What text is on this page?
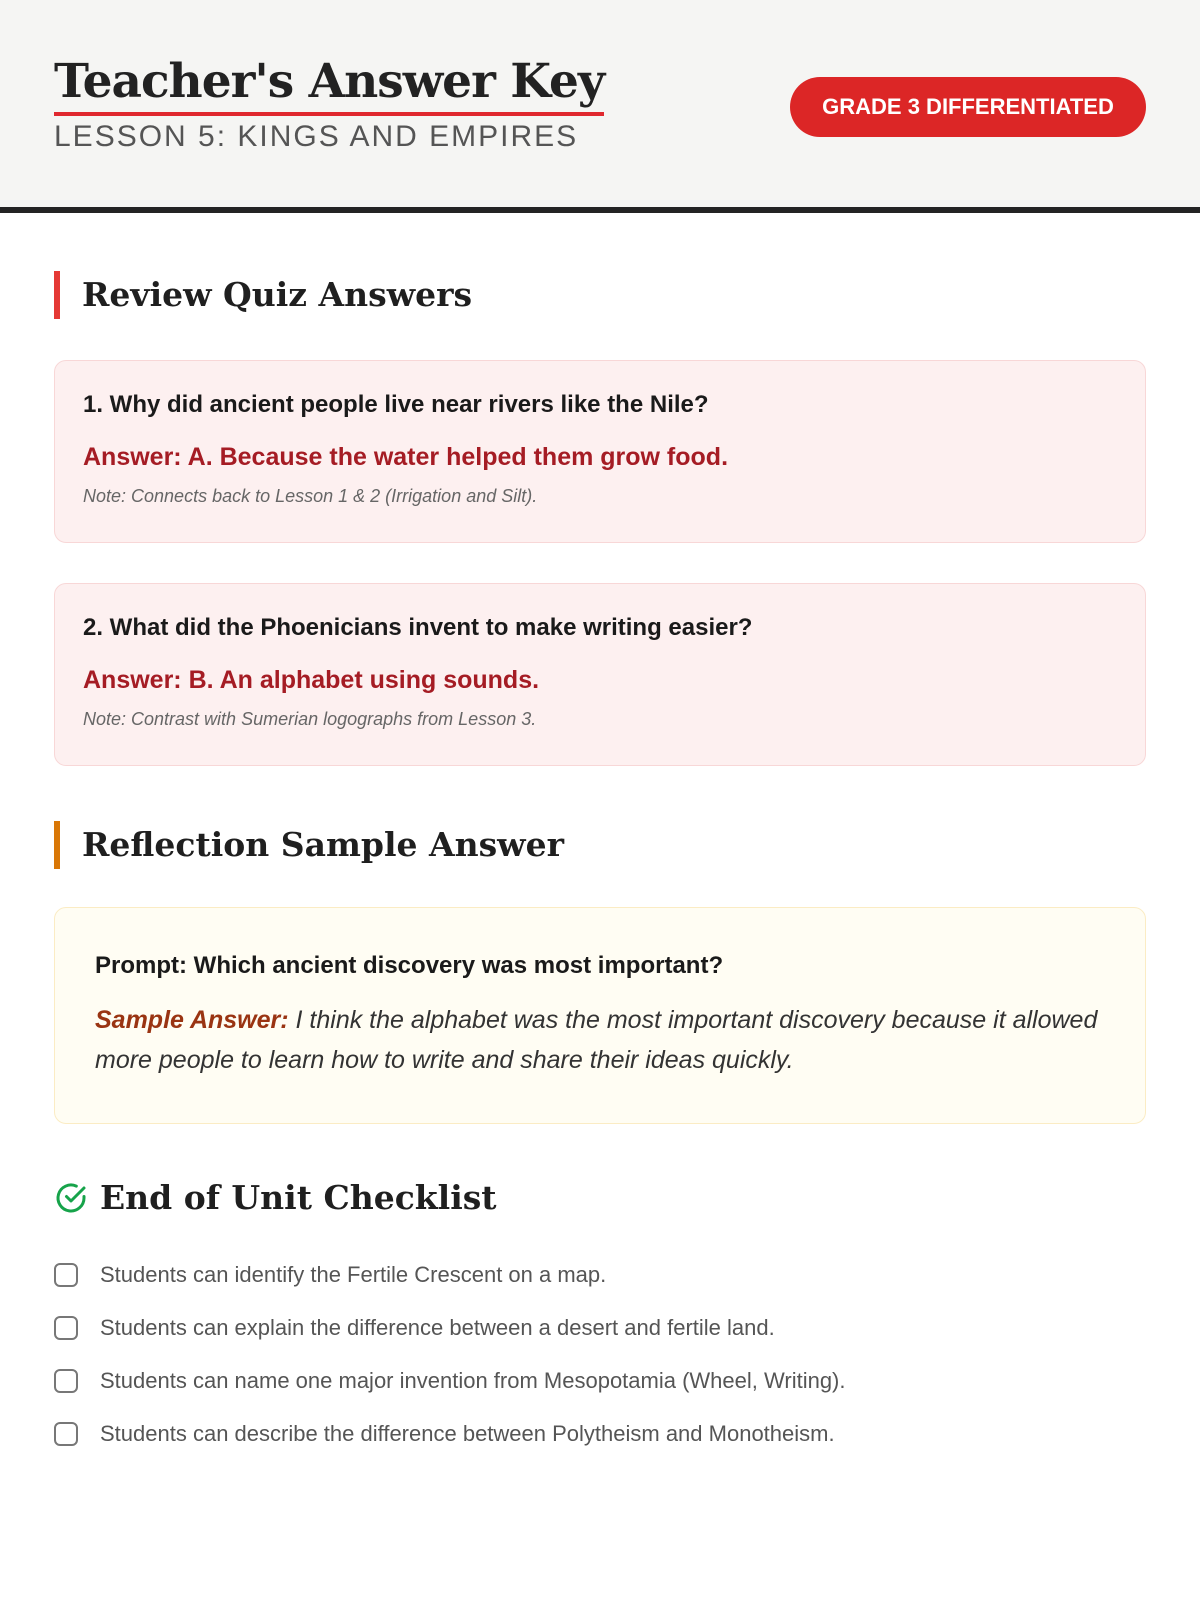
Teacher's Answer Key
LESSON 5: KINGS AND EMPIRES
GRADE 3 DIFFERENTIATED
Review Quiz Answers
1. Why did ancient people live near rivers like the Nile?
Answer: A. Because the water helped them grow food.
Note: Connects back to Lesson 1 & 2 (Irrigation and Silt).
2. What did the Phoenicians invent to make writing easier?
Answer: B. An alphabet using sounds.
Note: Contrast with Sumerian logographs from Lesson 3.
Reflection Sample Answer
Prompt: Which ancient discovery was most important?
Sample Answer: I think the alphabet was the most important discovery because it allowed more people to learn how to write and share their ideas quickly.
End of Unit Checklist
Students can identify the Fertile Crescent on a map.
Students can explain the difference between a desert and fertile land.
Students can name one major invention from Mesopotamia (Wheel, Writing).
Students can describe the difference between Polytheism and Monotheism.
